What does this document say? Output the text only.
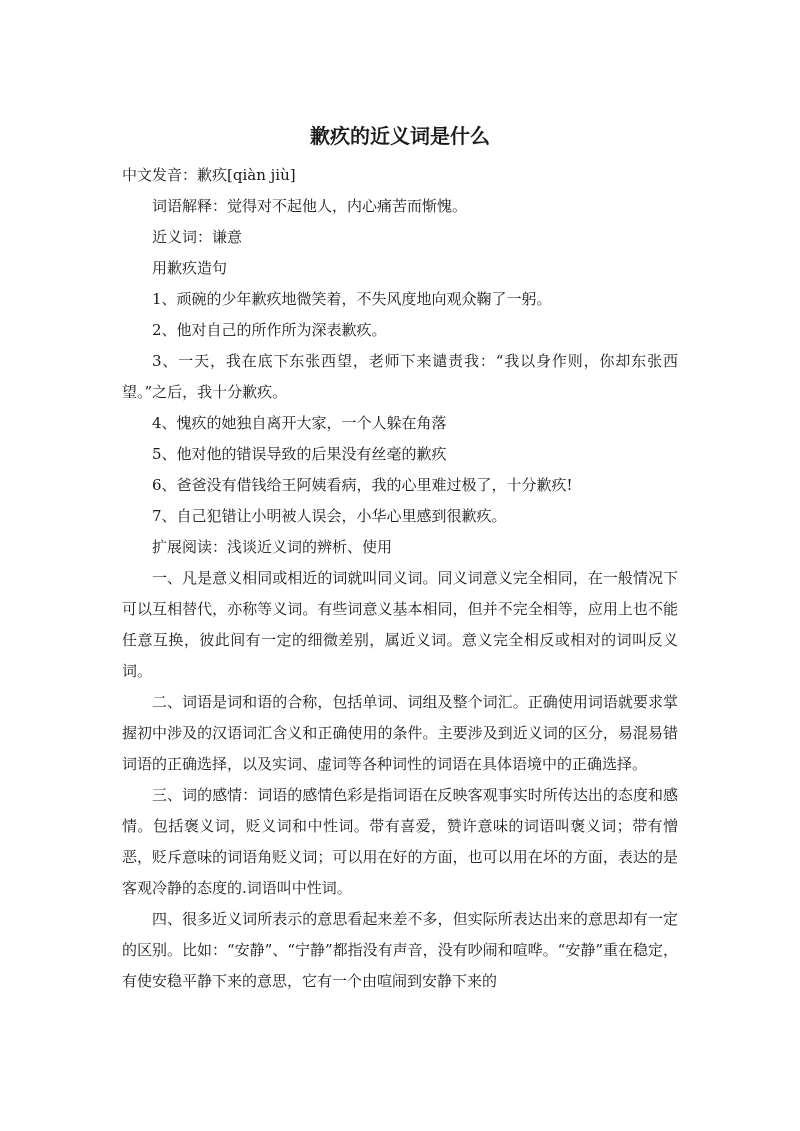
歉疚的近义词是什么

中文发音：歉疚[qiàn jiù]

词语解释：觉得对不起他人，内心痛苦而惭愧。

近义词：谦意

用歉疚造句

1、顽碗的少年歉疚地微笑着，不失风度地向观众鞠了一躬。

2、他对自己的所作所为深表歉疚。

3、一天，我在底下东张西望，老师下来谴责我：“我以身作则，你却东张西望。”之后，我十分歉疚。

4、愧疚的她独自离开大家，一个人躲在角落

5、他对他的错误导致的后果没有丝毫的歉疚

6、爸爸没有借钱给王阿姨看病，我的心里难过极了，十分歉疚!

7、自己犯错让小明被人误会，小华心里感到很歉疚。

扩展阅读：浅谈近义词的辨析、使用

一、凡是意义相同或相近的词就叫同义词。同义词意义完全相同，在一般情况下可以互相替代，亦称等义词。有些词意义基本相同，但并不完全相等，应用上也不能任意互换，彼此间有一定的细微差别，属近义词。意义完全相反或相对的词叫反义词。

二、词语是词和语的合称，包括单词、词组及整个词汇。正确使用词语就要求掌握初中涉及的汉语词汇含义和正确使用的条件。主要涉及到近义词的区分，易混易错词语的正确选择，以及实词、虚词等各种词性的词语在具体语境中的正确选择。

三、词的感情：词语的感情色彩是指词语在反映客观事实时所传达出的态度和感情。包括褒义词，贬义词和中性词。带有喜爱，赞许意味的词语叫褒义词；带有憎恶，贬斥意味的词语角贬义词；可以用在好的方面，也可以用在坏的方面，表达的是客观冷静的态度的.词语叫中性词。

四、很多近义词所表示的意思看起来差不多，但实际所表达出来的意思却有一定的区别。比如：“安静”、“宁静”都指没有声音，没有吵闹和喧哗。“安静”重在稳定，有使安稳平静下来的意思，它有一个由喧闹到安静下来的
